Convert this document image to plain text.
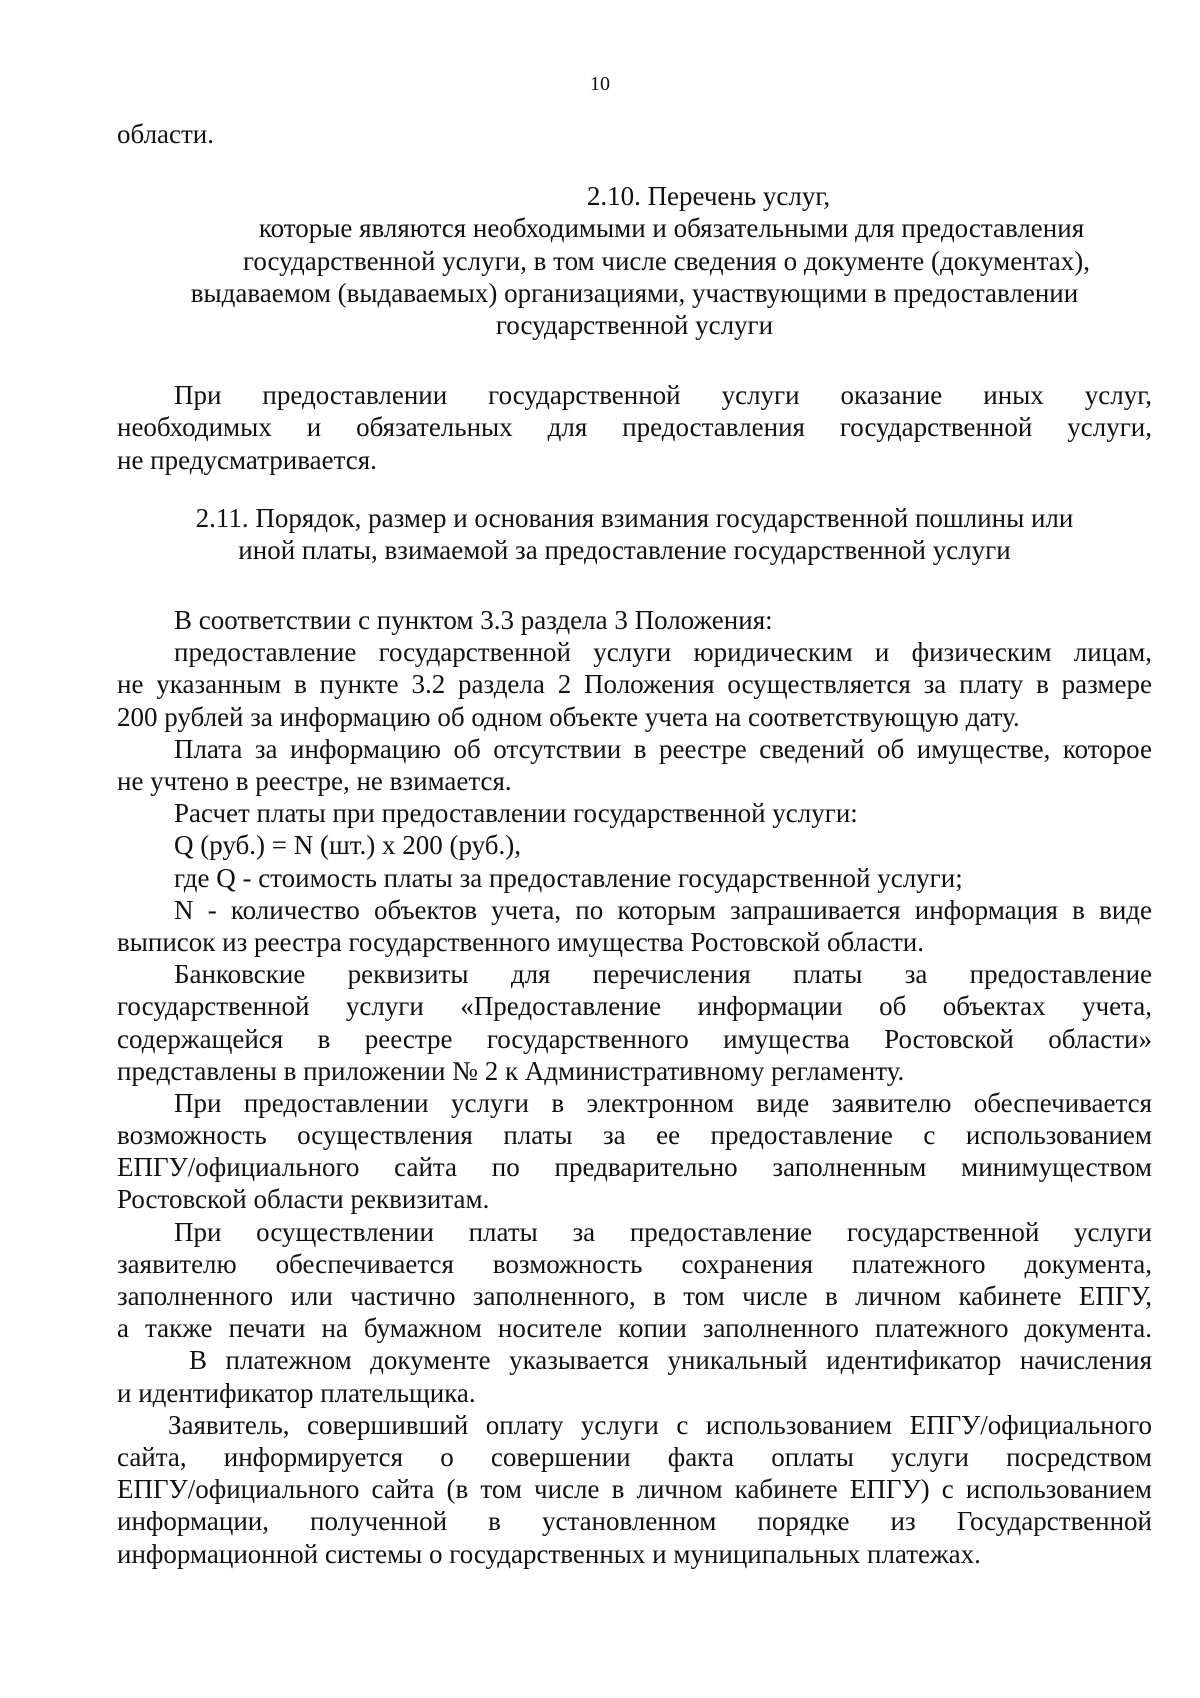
10
области.
2.10. Перечень услуг,
которые являются необходимыми и обязательными для предоставления
государственной услуги, в том числе сведения о документе (документах),
выдаваемом (выдаваемых) организациями, участвующими в предоставлении
государственной услуги
При предоставлении государственной услуги оказание иных услуг,
необходимых и обязательных для предоставления государственной услуги,
не предусматривается.
2.11. Порядок, размер и основания взимания государственной пошлины или
иной платы, взимаемой за предоставление государственной услуги
В соответствии с пунктом 3.3 раздела 3 Положения:
предоставление государственной услуги юридическим и физическим лицам,
не указанным в пункте 3.2 раздела 2 Положения осуществляется за плату в размере
200 рублей за информацию об одном объекте учета на соответствующую дату.
Плата за информацию об отсутствии в реестре сведений об имуществе, которое
не учтено в реестре, не взимается.
Расчет платы при предоставлении государственной услуги:
Q (руб.) = N (шт.) х 200 (руб.),
где Q - стоимость платы за предоставление государственной услуги;
N - количество объектов учета, по которым запрашивается информация в виде
выписок из реестра государственного имущества Ростовской области.
Банковские реквизиты для перечисления платы за предоставление
государственной услуги «Предоставление информации об объектах учета,
содержащейся в реестре государственного имущества Ростовской области»
представлены в приложении № 2 к Административному регламенту.
При предоставлении услуги в электронном виде заявителю обеспечивается
возможность осуществления платы за ее предоставление с использованием
ЕПГУ/официального сайта по предварительно заполненным минимуществом
Ростовской области реквизитам.
При осуществлении платы за предоставление государственной услуги
заявителю обеспечивается возможность сохранения платежного документа,
заполненного или частично заполненного, в том числе в личном кабинете ЕПГУ,
а также печати на бумажном носителе копии заполненного платежного документа.
В платежном документе указывается уникальный идентификатор начисления
и идентификатор плательщика.
Заявитель, совершивший оплату услуги с использованием ЕПГУ/официального
сайта, информируется о совершении факта оплаты услуги посредством
ЕПГУ/официального сайта (в том числе в личном кабинете ЕПГУ) с использованием
информации, полученной в установленном порядке из Государственной
информационной системы о государственных и муниципальных платежах.
